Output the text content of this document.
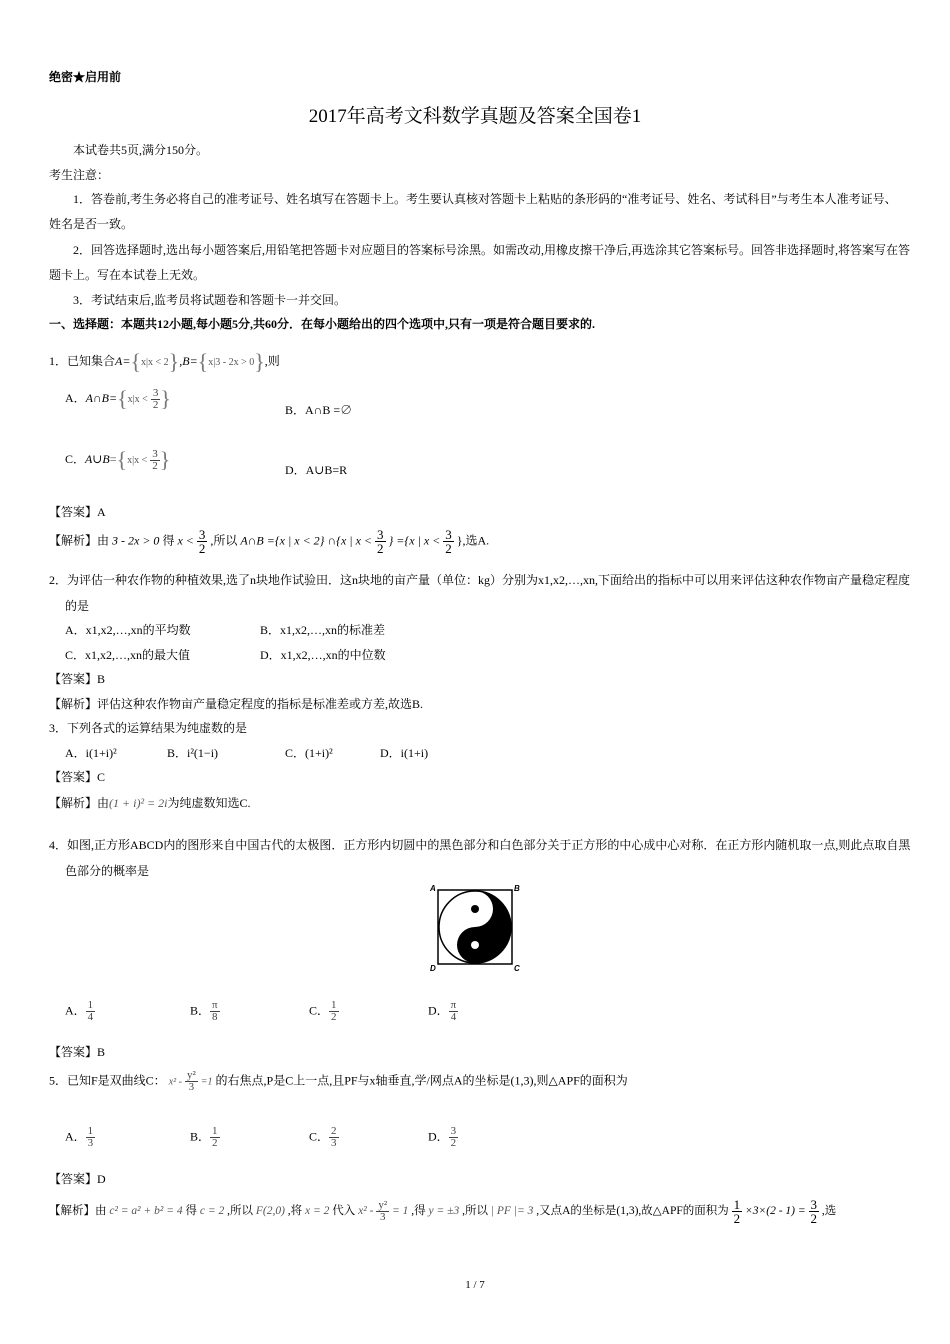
绝密★启用前
2017年高考文科数学真题及答案全国卷1
本试卷共5页,满分150分。
考生注意：
1．答卷前,考生务必将自己的准考证号、姓名填写在答题卡上。考生要认真核对答题卡上粘贴的条形码的“准考证号、姓名、考试科目”与考生本人准考证号、
姓名是否一致。
2．回答选择题时,选出每小题答案后,用铅笔把答题卡对应题目的答案标号涂黑。如需改动,用橡皮擦干净后,再选涂其它答案标号。回答非选择题时,将答案写在答
题卡上。写在本试卷上无效。
3．考试结束后,监考员将试题卷和答题卡一并交回。
一、选择题：本题共12小题,每小题5分,共60分．在每小题给出的四个选项中,只有一项是符合题目要求的.
1．已知集合A={x|x < 2},B={x|3 - 2x > 0},则
A．A∩B={x|x < $\frac{3}{2}$ }	B．A∩B =∅
C．A∪B={x|x < $\frac{3}{2}$ }	D．A∪B=R
【答案】A
【解析】由 3 - 2x > 0 得 $x < \frac{3}{2}$ ,所以 A∩B ={x | x < 2} ∩{x | $x < \frac{3}{2}$ } ={x | $x < \frac{3}{2}$ },选A.
2．为评估一种农作物的种植效果,选了n块地作试验田．这n块地的亩产量（单位：kg）分别为x1,x2,…,xn,下面给出的指标中可以用来评估这种农作物亩产量稳定程度
的是
A．x1,x2,…,xn的平均数	B．x1,x2,…,xn的标准差
C．x1,x2,…,xn的最大值	D．x1,x2,…,xn的中位数
【答案】B
【解析】评估这种农作物亩产量稳定程度的指标是标准差或方差,故选B.
3．下列各式的运算结果为纯虚数的是
A．i(1+i)²	B．i²(1−i)	C．(1+i)²	D．i(1+i)
【答案】C
【解析】由(1 + i)² = 2i为纯虚数知选C.
4．如图,正方形ABCD内的图形来自中国古代的太极图．正方形内切圆中的黑色部分和白色部分关于正方形的中心成中心对称．在正方形内随机取一点,则此点取自黑
色部分的概率是
A	B
C
D
A． $\frac{1}{4}$	B． $\frac{\pi}{8}$	C． $\frac{1}{2}$	D． $\frac{\pi}{4}$
【答案】B
5．已知F是双曲线C： $x^2 - \frac{\text{y²}}{3} =1$ 的右焦点,P是C上一点,且PF与x轴垂直,学/网点A的坐标是(1,3),则△APF的面积为
A． $\frac{1}{3}$	B． $\frac{1}{2}$	C． $\frac{2}{3}$	D． $\frac{3}{2}$
【答案】D
【解析】由 c² = a² + b² = 4 得 c = 2 ,所以 F(2,0) ,将 x = 2 代入 $x^2 - \frac{\text{y²}}{3} = 1$ ,得 y = ±3 ,所以 | PF |= 3 ,又点A的坐标是(1,3),故△APF的面积为 $\frac{1}{2} \times 3\times(2 - 1) = \frac{3}{2}$ ,选
1 / 7
